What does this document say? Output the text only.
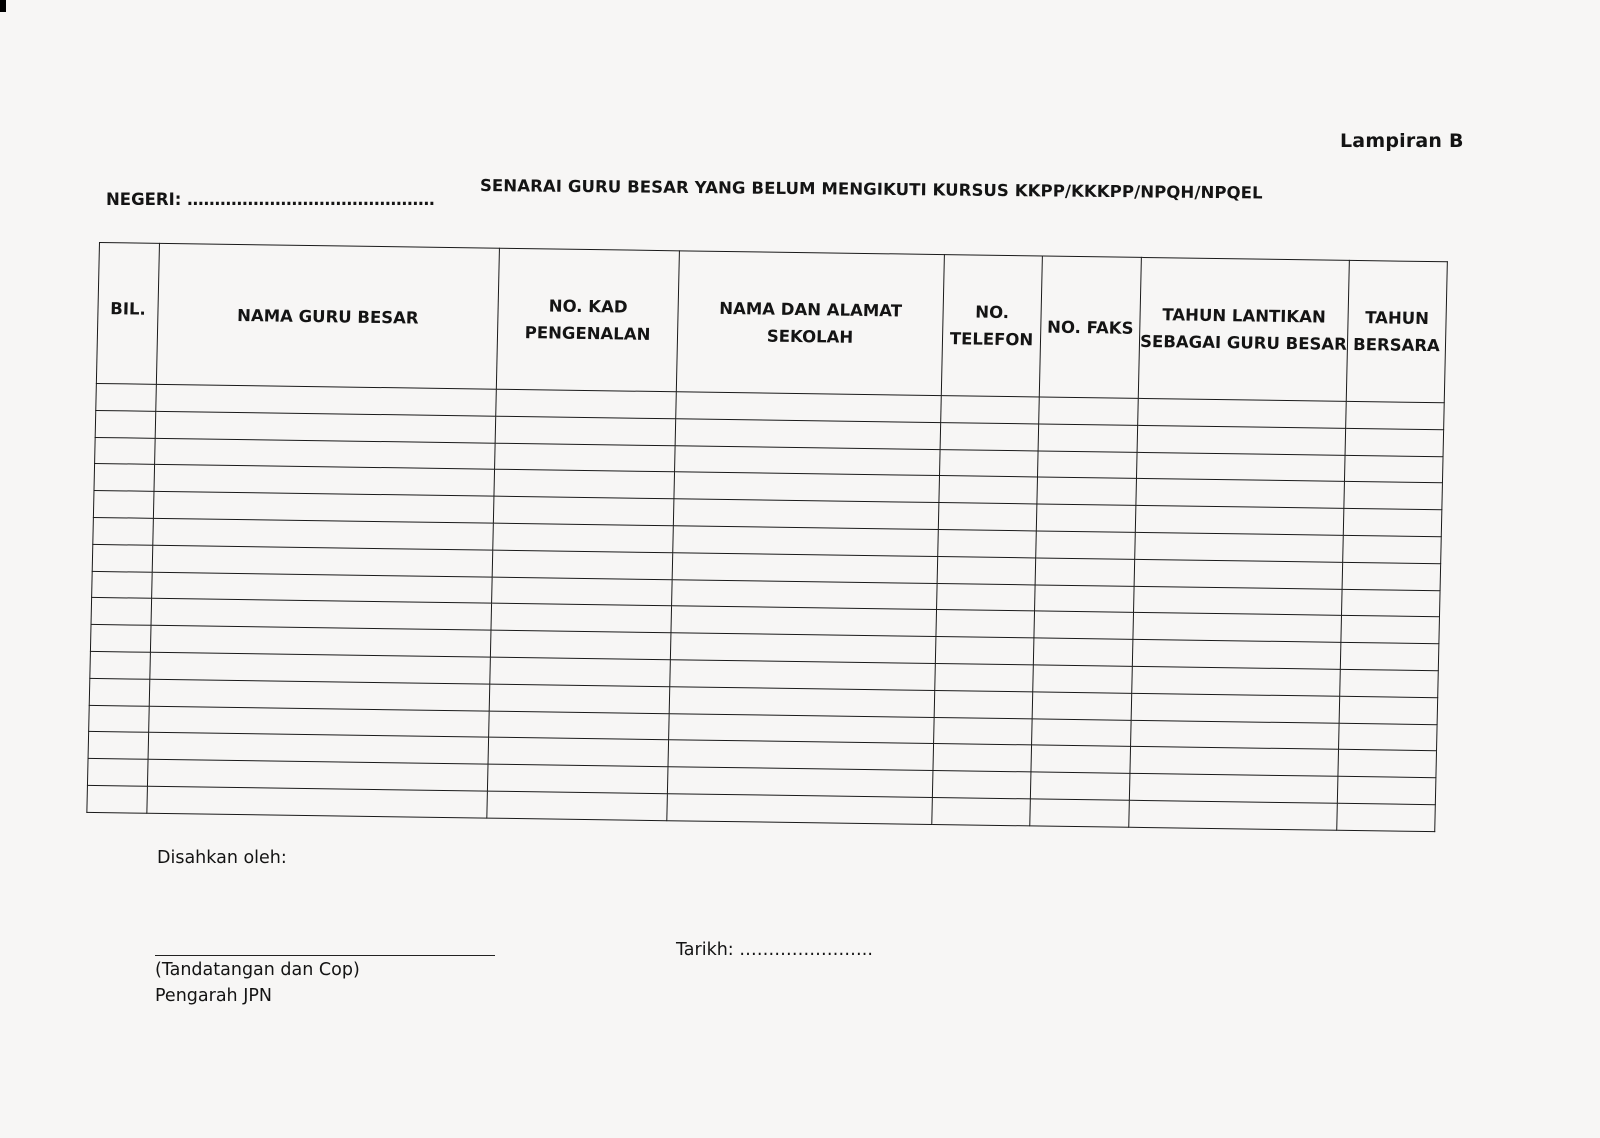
Lampiran B
SENARAI GURU BESAR YANG BELUM MENGIKUTI KURSUS KKPP/KKKPP/NPQH/NPQEL
NEGERI: ………………………………………
BIL.	NAMA GURU BESAR	NO. KAD PENGENALAN	NAMA DAN ALAMAT SEKOLAH	NO. TELEFON	NO. FAKS	TAHUN LANTIKAN SEBAGAI GURU BESAR	TAHUN BERSARA

Disahkan oleh:
(Tandatangan dan Cop)
Pengarah JPN
Tarikh: …………………..
